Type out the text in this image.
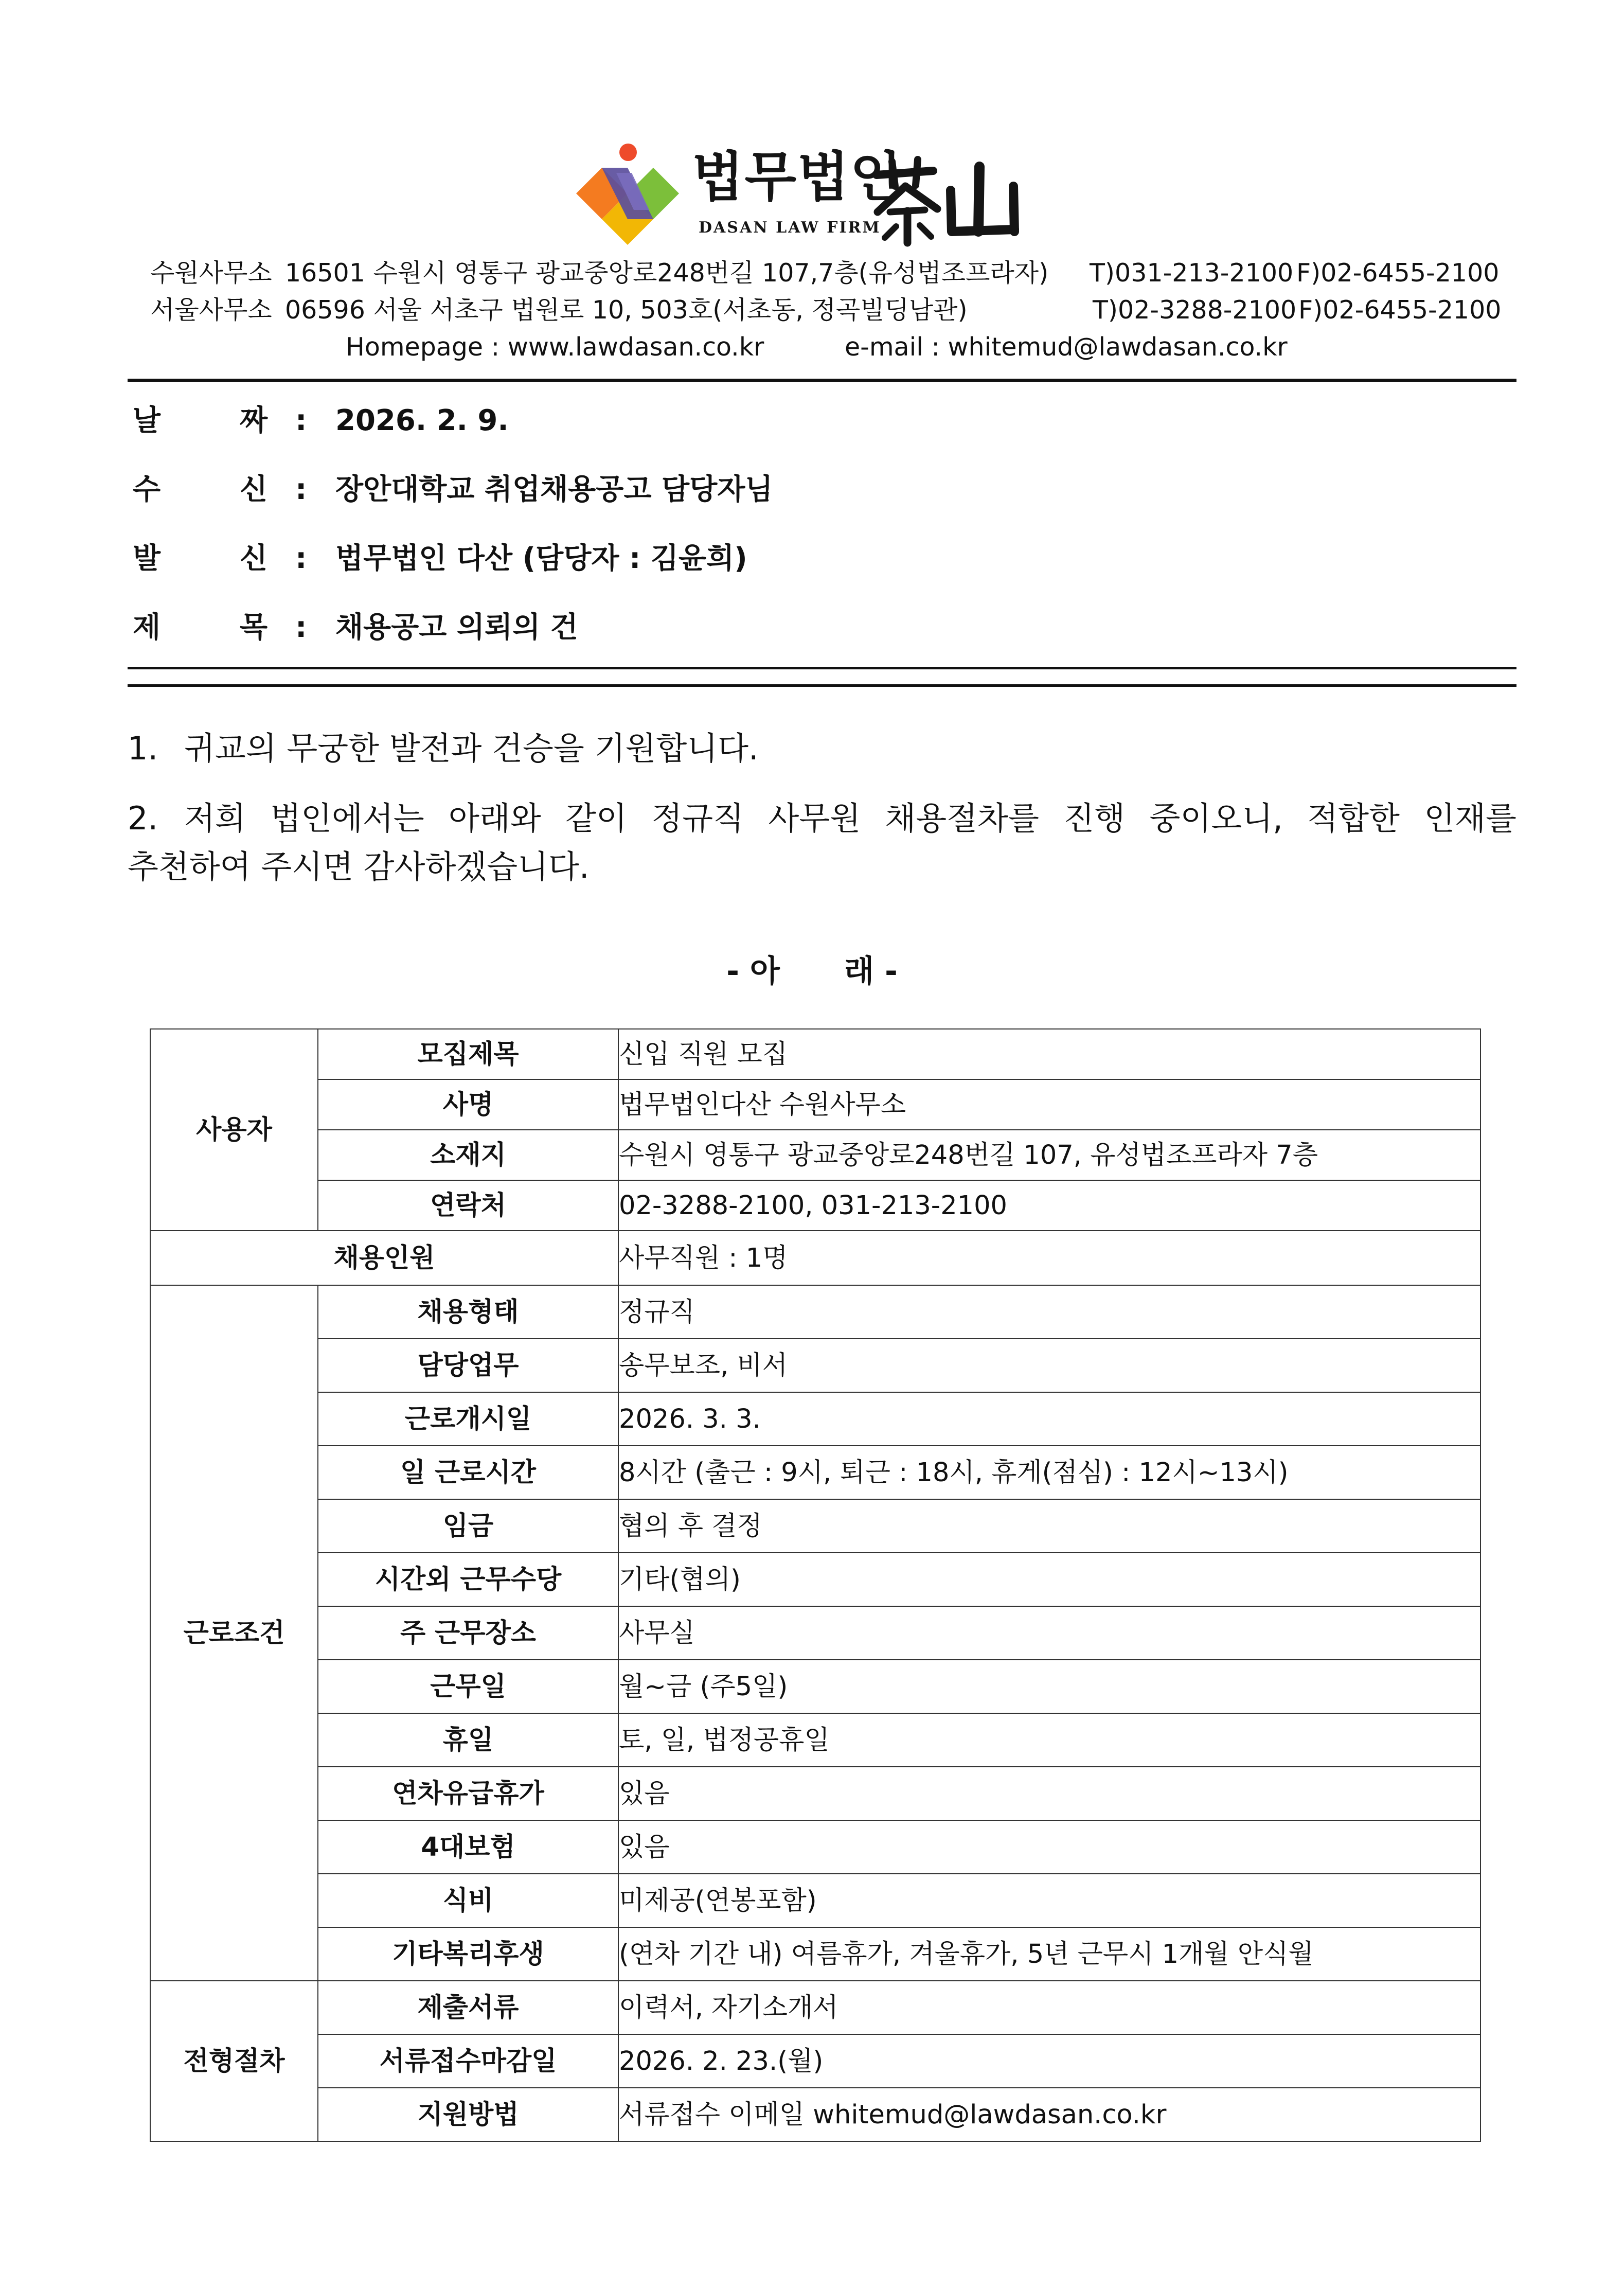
법무법인
DASAN LAW FIRM
수원사무소 16501 수원시 영통구 광교중앙로248번길 107,7층(유성법조프라자) T)031-213-2100 F)02-6455-2100
서울사무소 06596 서울 서초구 법원로 10, 503호(서초동, 정곡빌딩남관)	T)02-3288-2100 F)02-6455-2100
Homepage : www.lawdasan.co.kr	e-mail : whitemud@lawdasan.co.kr
날	짜 : 2026. 2. 9.
수	신 : 장안대학교 취업채용공고 담당자님
발	신 : 법무법인 다산 (담당자 : 김윤희)
제	목 : 채용공고 의뢰의 건
1. 귀교의 무궁한 발전과 건승을 기원합니다.
2. 저희 법인에서는 아래와 같이 정규직 사무원 채용절차를 진행 중이오니, 적합한 인재를
추천하여 주시면 감사하겠습니다.
- 아      래 -
사용자	모집제목	신입 직원 모집
	사명	법무법인다산 수원사무소
	소재지	수원시 영통구 광교중앙로248번길 107, 유성법조프라자 7층
	연락처	02-3288-2100, 031-213-2100
채용인원		사무직원 : 1명
근로조건	채용형태	정규직
	담당업무	송무보조, 비서
	근로개시일	2026. 3. 3.
	일 근로시간	8시간 (출근 : 9시, 퇴근 : 18시, 휴게(점심) : 12시~13시)
	임금	협의 후 결정
	시간외 근무수당	기타(협의)
	주 근무장소	사무실
	근무일	월~금 (주5일)
	휴일	토, 일, 법정공휴일
	연차유급휴가	있음
	4대보험	있음
	식비	미제공(연봉포함)
	기타복리후생	(연차 기간 내) 여름휴가, 겨울휴가, 5년 근무시 1개월 안식월
전형절차	제출서류	이력서, 자기소개서
	서류접수마감일	2026. 2. 23.(월)
	지원방법	서류접수 이메일 whitemud@lawdasan.co.kr
